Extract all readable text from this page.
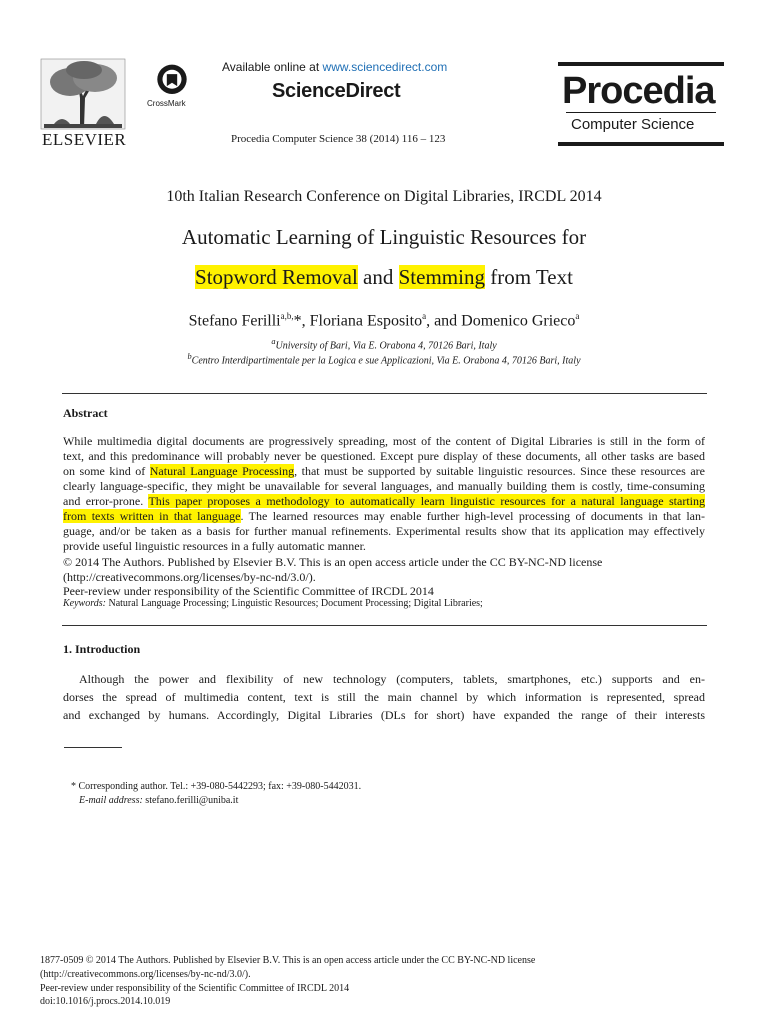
ELSEVIER
CrossMark
Available online at www.sciencedirect.com
ScienceDirect
Procedia Computer Science 38 (2014) 116 – 123
Procedia
Computer Science
10th Italian Research Conference on Digital Libraries, IRCDL 2014
Automatic Learning of Linguistic Resources for
Stopword Removal and Stemming from Text
Stefano Ferilli$^{a,b,}$*, Floriana Esposito$^a$, and Domenico Grieco$^a$
$^a$University of Bari, Via E. Orabona 4, 70126 Bari, Italy
$^b$Centro Interdipartimentale per la Logica e sue Applicazioni, Via E. Orabona 4, 70126 Bari, Italy
Abstract
While multimedia digital documents are progressively spreading, most of the content of Digital Libraries is still in the form of
text, and this predominance will probably never be questioned. Except pure display of these documents, all other tasks are based
on some kind of Natural Language Processing, that must be supported by suitable linguistic resources. Since these resources are
clearly language-specific, they might be unavailable for several languages, and manually building them is costly, time-consuming
and error-prone. This paper proposes a methodology to automatically learn linguistic resources for a natural language starting
from texts written in that language. The learned resources may enable further high-level processing of documents in that lan-
guage, and/or be taken as a basis for further manual refinements. Experimental results show that its application may effectively
provide useful linguistic resources in a fully automatic manner.
© 2014 The Authors. Published by Elsevier B.V. This is an open access article under the CC BY-NC-ND license
(http://creativecommons.org/licenses/by-nc-nd/3.0/).
Peer-review under responsibility of the Scientific Committee of IRCDL 2014
Keywords: Natural Language Processing; Linguistic Resources; Document Processing; Digital Libraries;
1. Introduction
Although the power and flexibility of new technology (computers, tablets, smartphones, etc.) supports and en-
dorses the spread of multimedia content, text is still the main channel by which information is represented, spread
and exchanged by humans. Accordingly, Digital Libraries (DLs for short) have expanded the range of their interests
* Corresponding author. Tel.: +39-080-5442293; fax: +39-080-5442031.
E-mail address: stefano.ferilli@uniba.it
1877-0509 © 2014 The Authors. Published by Elsevier B.V. This is an open access article under the CC BY-NC-ND license
(http://creativecommons.org/licenses/by-nc-nd/3.0/).
Peer-review under responsibility of the Scientific Committee of IRCDL 2014
doi:10.1016/j.procs.2014.10.019
